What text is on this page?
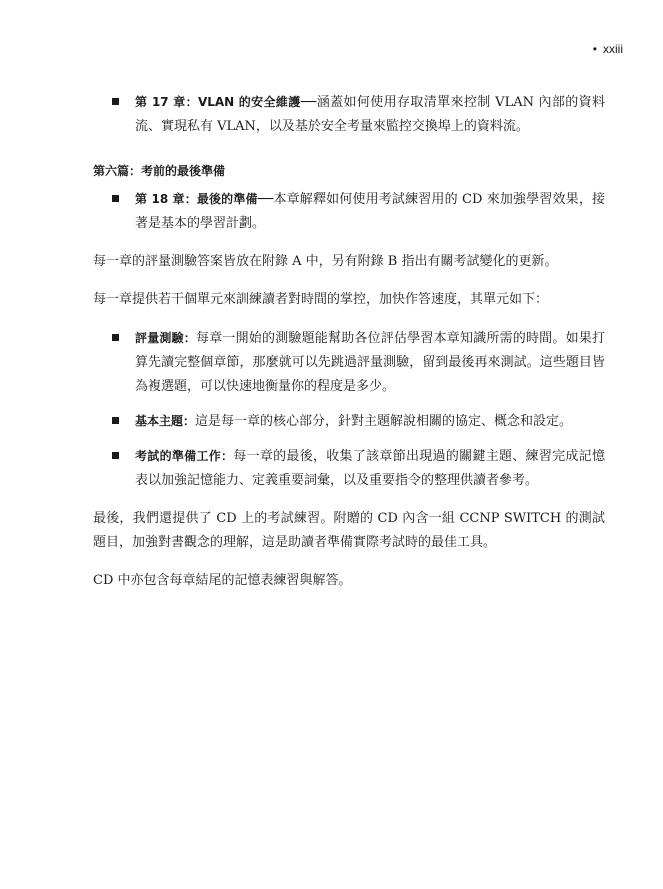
• xxiii
第 17 章：VLAN 的安全維護──涵蓋如何使用存取清單來控制 VLAN 內部的資料流、實現私有 VLAN，以及基於安全考量來監控交換埠上的資料流。
第六篇：考前的最後準備
第 18 章：最後的準備──本章解釋如何使用考試練習用的 CD 來加強學習效果，接著是基本的學習計劃。
每一章的評量測驗答案皆放在附錄 A 中，另有附錄 B 指出有關考試變化的更新。
每一章提供若干個單元來訓練讀者對時間的掌控，加快作答速度，其單元如下：
評量測驗：每章一開始的測驗題能幫助各位評估學習本章知識所需的時間。如果打算先讀完整個章節，那麼就可以先跳過評量測驗，留到最後再來測試。這些題目皆為複選題，可以快速地衡量你的程度是多少。
基本主題：這是每一章的核心部分，針對主題解說相關的協定、概念和設定。
考試的準備工作：每一章的最後，收集了該章節出現過的關鍵主題、練習完成記憶表以加強記憶能力、定義重要詞彙，以及重要指令的整理供讀者參考。
最後，我們還提供了 CD 上的考試練習。附贈的 CD 內含一組 CCNP SWITCH 的測試題目，加強對書觀念的理解，這是助讀者準備實際考試時的最佳工具。
CD 中亦包含每章結尾的記憶表練習與解答。
